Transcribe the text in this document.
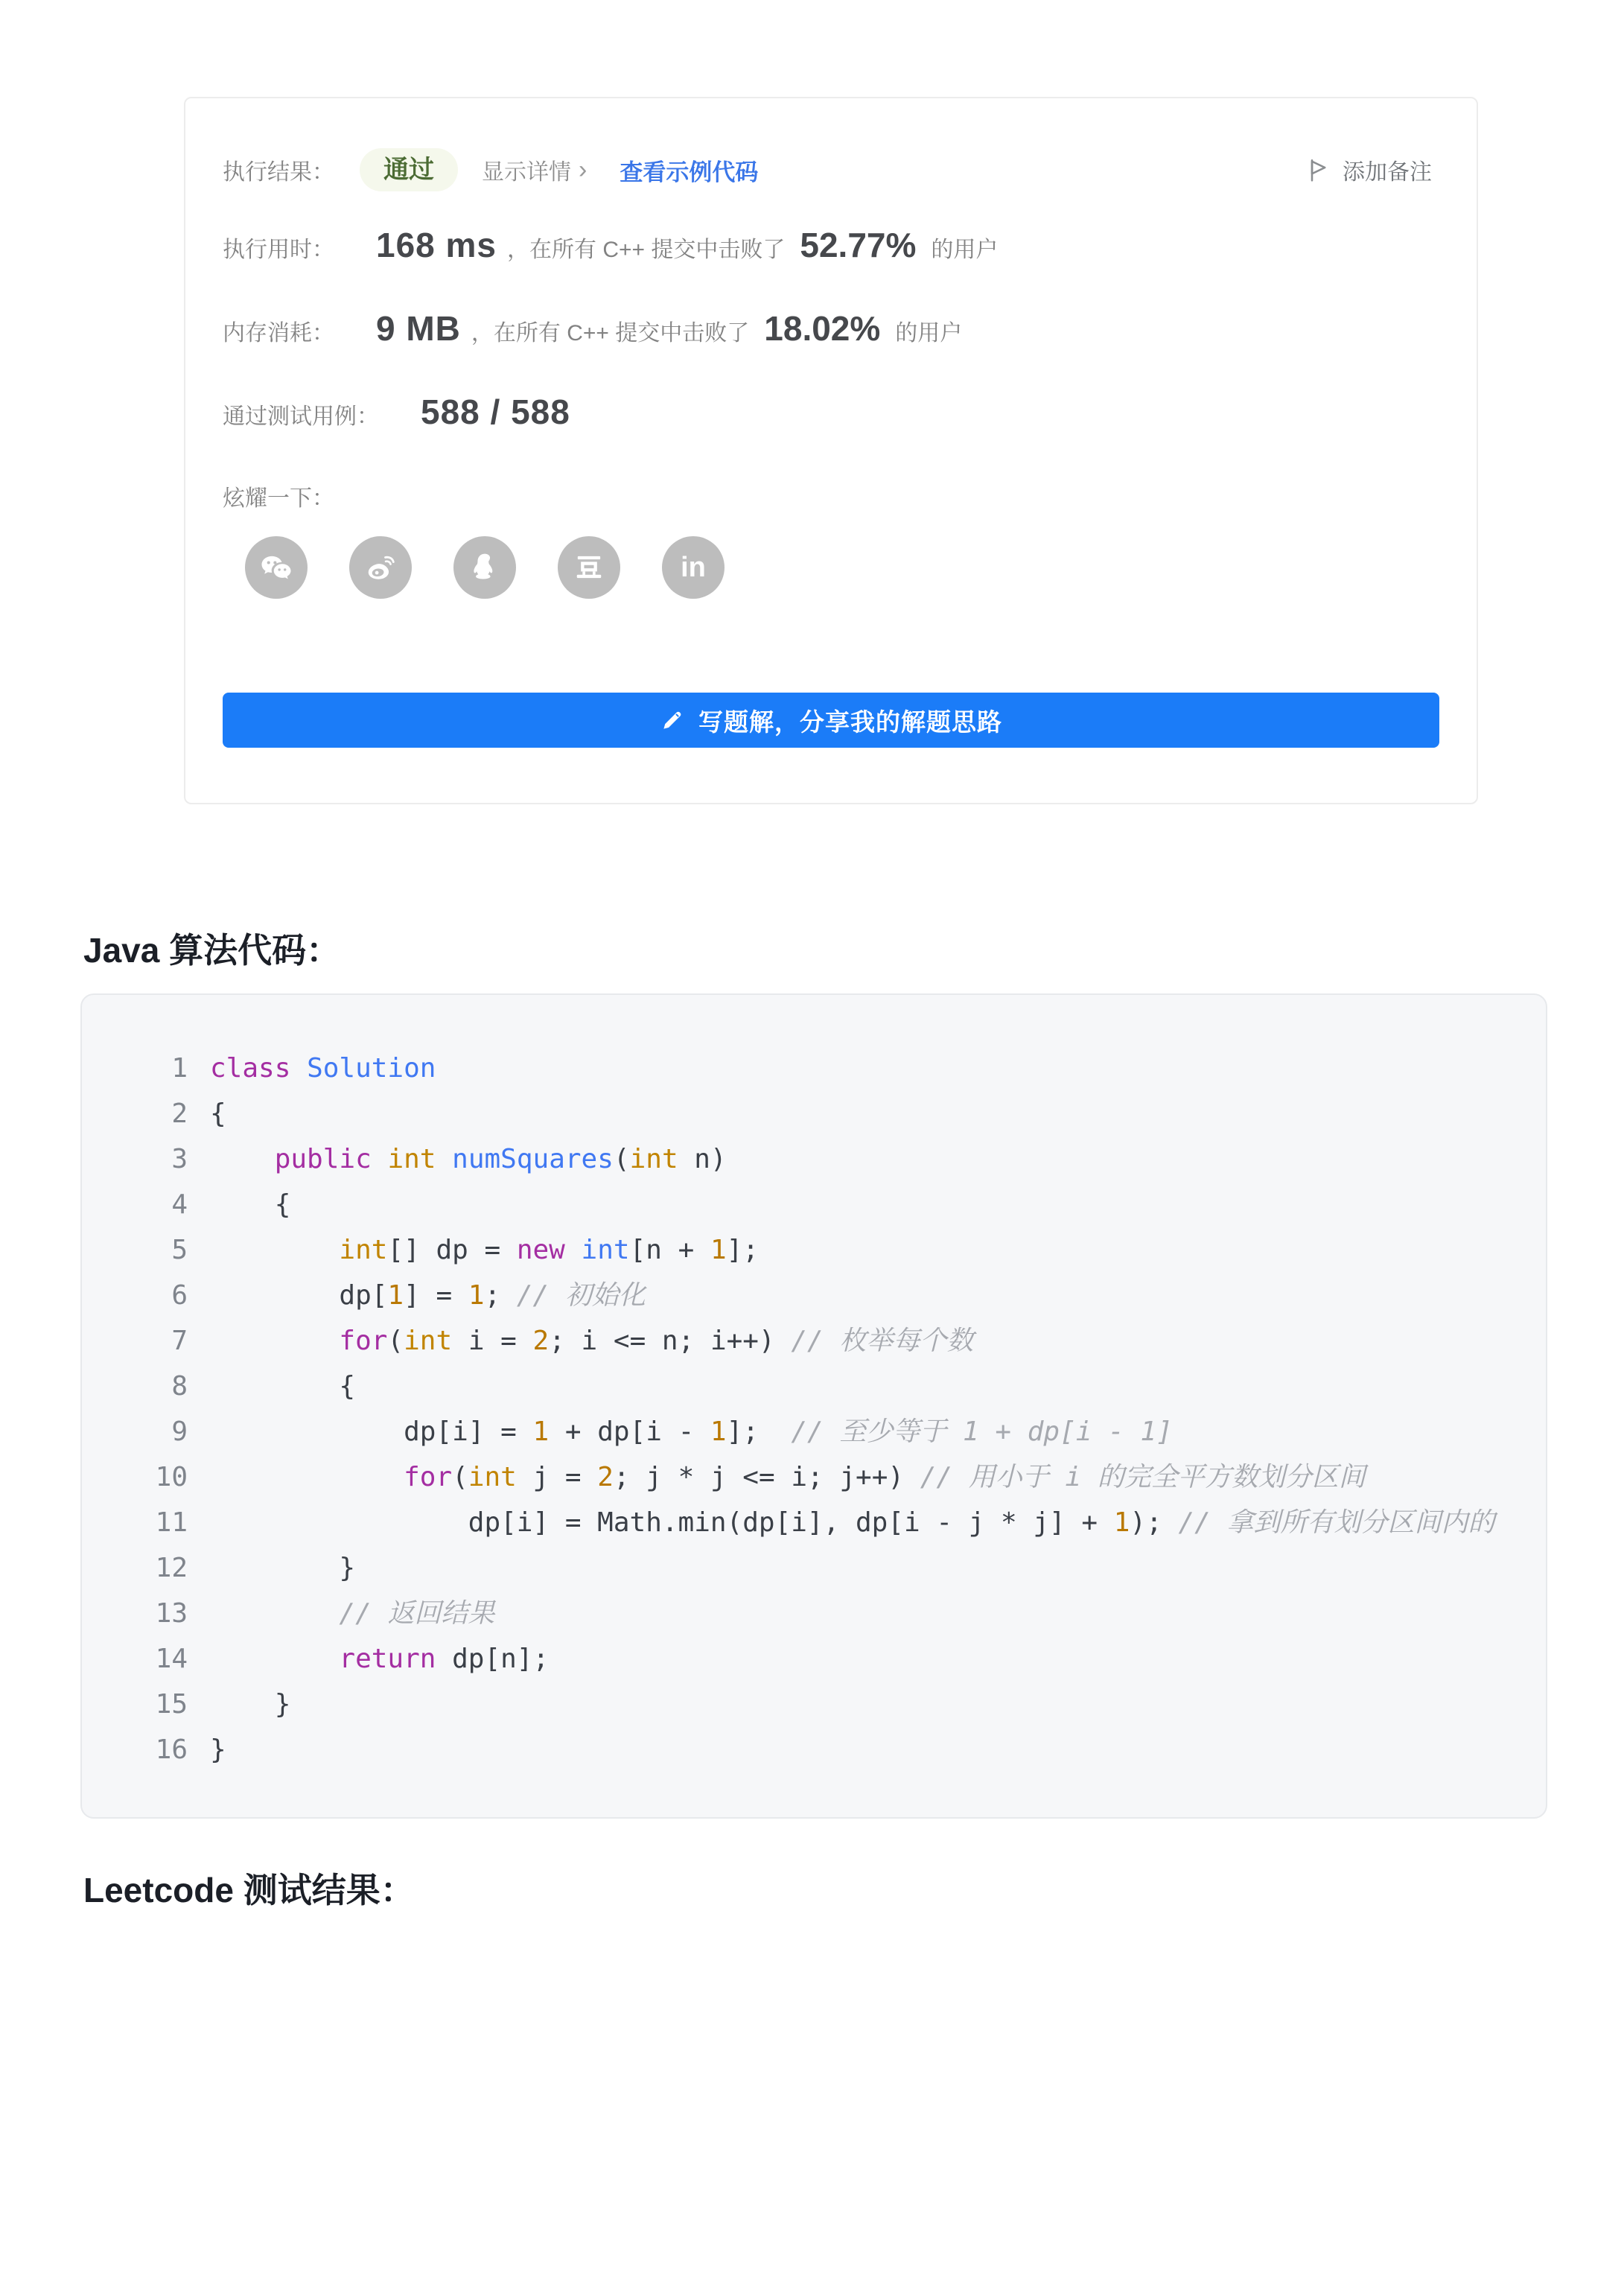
执行结果：	通过	显示详情 › 查看示例代码	添加备注
执行用时： 168 ms ，在所有 C++ 提交中击败了 52.77% 的用户
内存消耗： 9 MB ，在所有 C++ 提交中击败了 18.02% 的用户
通过测试用例： 588 / 588
炫耀一下：
in
写题解，分享我的解题思路
Java 算法代码：
1 class Solution
2 {
3	public int numSquares(int n)
4 {
5	int[] dp = new int[n + 1];
6 dp[1] = 1; // 初始化
7	for(int i = 2; i <= n; i++) // 枚举每个数
8 {
9 dp[i] = 1 + dp[i - 1];  // 至少等于 1 + dp[i - 1]
10	for(int j = 2; j * j <= i; j++) // 用小于 i 的完全平方数划分区间
11 dp[i] = Math.min(dp[i], dp[i - j * j] + 1); // 拿到所有划分区间内的
12 }
13	// 返回结果
14	return dp[n];
15 }
16 }
Leetcode 测试结果：
